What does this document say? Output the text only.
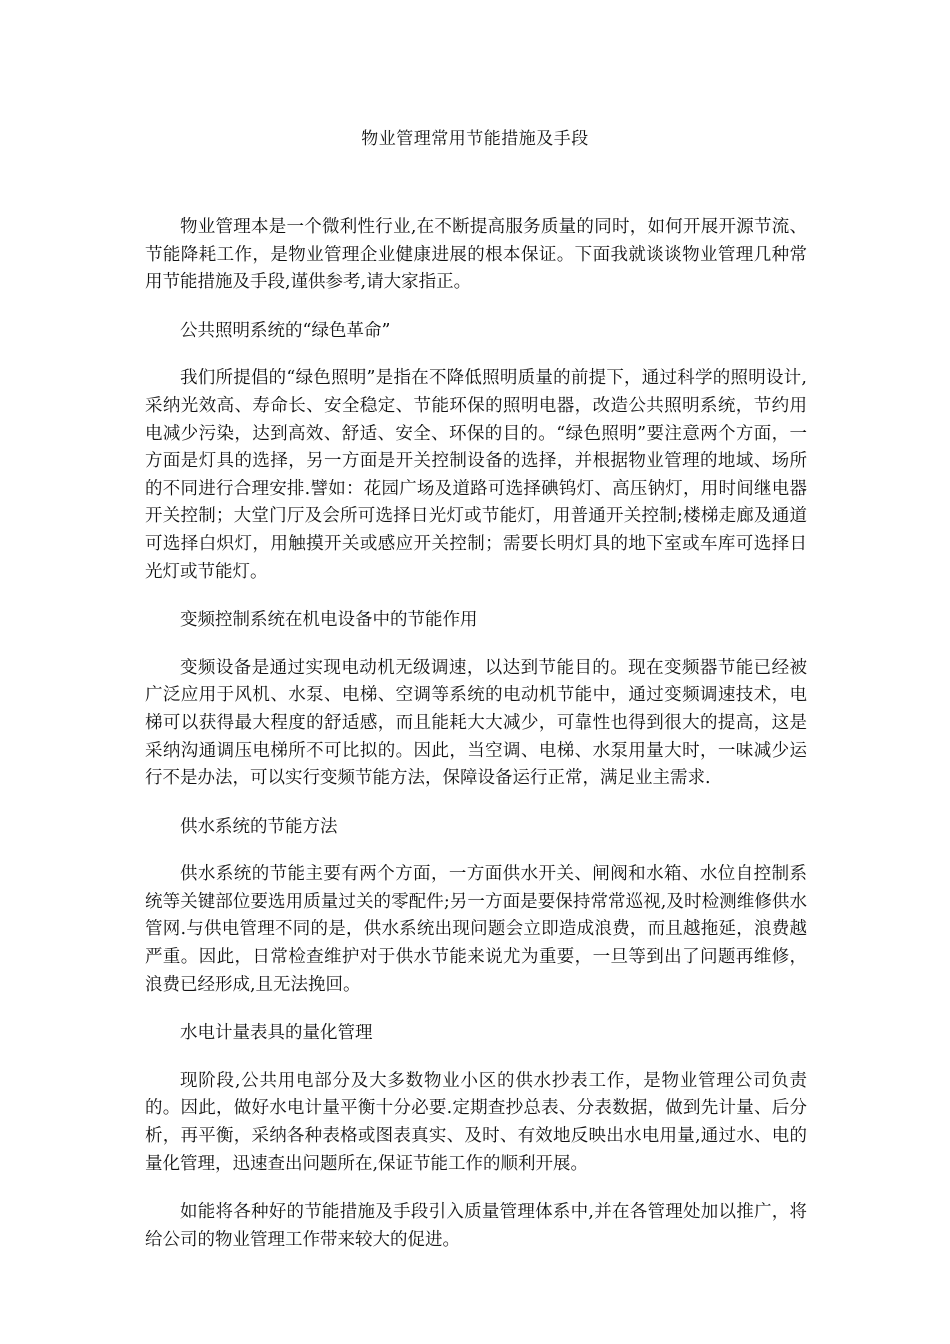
物业管理常用节能措施及手段

物业管理本是一个微利性行业,在不断提高服务质量的同时，如何开展开源节流、节能降耗工作，是物业管理企业健康进展的根本保证。下面我就谈谈物业管理几种常用节能措施及手段,谨供参考,请大家指正。

公共照明系统的“绿色革命”

我们所提倡的“绿色照明”是指在不降低照明质量的前提下，通过科学的照明设计,采纳光效高、寿命长、安全稳定、节能环保的照明电器，改造公共照明系统，节约用电减少污染，达到高效、舒适、安全、环保的目的。“绿色照明”要注意两个方面，一方面是灯具的选择，另一方面是开关控制设备的选择，并根据物业管理的地域、场所的不同进行合理安排.譬如：花园广场及道路可选择碘钨灯、高压钠灯，用时间继电器开关控制；大堂门厅及会所可选择日光灯或节能灯，用普通开关控制;楼梯走廊及通道可选择白炽灯，用触摸开关或感应开关控制；需要长明灯具的地下室或车库可选择日光灯或节能灯。

变频控制系统在机电设备中的节能作用

变频设备是通过实现电动机无级调速，以达到节能目的。现在变频器节能已经被广泛应用于风机、水泵、电梯、空调等系统的电动机节能中，通过变频调速技术，电梯可以获得最大程度的舒适感，而且能耗大大减少，可靠性也得到很大的提高，这是采纳沟通调压电梯所不可比拟的。因此，当空调、电梯、水泵用量大时，一味减少运行不是办法，可以实行变频节能方法，保障设备运行正常，满足业主需求.

供水系统的节能方法

供水系统的节能主要有两个方面，一方面供水开关、闸阀和水箱、水位自控制系统等关键部位要选用质量过关的零配件;另一方面是要保持常常巡视,及时检测维修供水管网.与供电管理不同的是，供水系统出现问题会立即造成浪费，而且越拖延，浪费越严重。因此，日常检查维护对于供水节能来说尤为重要，一旦等到出了问题再维修，浪费已经形成,且无法挽回。

水电计量表具的量化管理

现阶段,公共用电部分及大多数物业小区的供水抄表工作，是物业管理公司负责的。因此，做好水电计量平衡十分必要.定期查抄总表、分表数据，做到先计量、后分析，再平衡，采纳各种表格或图表真实、及时、有效地反映出水电用量,通过水、电的量化管理，迅速查出问题所在,保证节能工作的顺利开展。

如能将各种好的节能措施及手段引入质量管理体系中,并在各管理处加以推广，将给公司的物业管理工作带来较大的促进。
